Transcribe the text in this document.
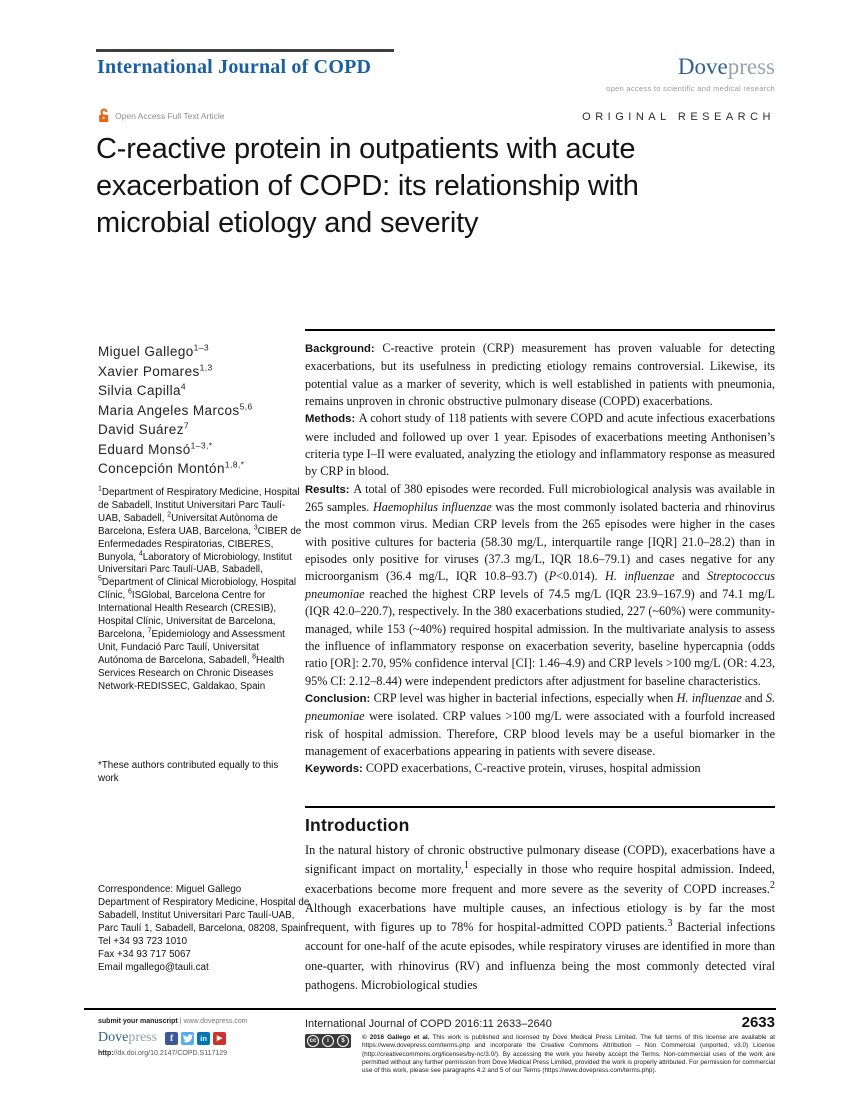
International Journal of COPD	Dovepress
open access to scientific and medical research
Open Access Full Text Article	ORIGINAL RESEARCH
C-reactive protein in outpatients with acute exacerbation of COPD: its relationship with microbial etiology and severity
Miguel Gallego$^{1-3}$
Xavier Pomares$^{1,3}$
Silvia Capilla$^4$
Maria Angeles Marcos$^{5,6}$
David Suárez$^7$
Eduard Monsó$^{1-3,*}$
Concepción Montón$^{1,8,*}$
$^1$Department of Respiratory Medicine, Hospital de Sabadell, Institut Universitari Parc Taulí-UAB, Sabadell, $^2$Universitat Autònoma de Barcelona, Esfera UAB, Barcelona, $^3$CIBER de Enfermedades Respiratorias, CIBERES, Bunyola, $^4$Laboratory of Microbiology, Institut Universitari Parc Taulí-UAB, Sabadell, $^5$Department of Clinical Microbiology, Hospital Clínic, $^6$ISGlobal, Barcelona Centre for International Health Research (CRESIB), Hospital Clínic, Universitat de Barcelona, Barcelona, $^7$Epidemiology and Assessment Unit, Fundació Parc Taulí, Universitat Autónoma de Barcelona, Sabadell, $^8$Health Services Research on Chronic Diseases Network-REDISSEC, Galdakao, Spain
*These authors contributed equally to this work
Correspondence: Miguel Gallego
Department of Respiratory Medicine, Hospital de Sabadell, Institut Universitari Parc Taulí-UAB, Parc Taulí 1, Sabadell, Barcelona, 08208, Spain
Tel +34 93 723 1010
Fax +34 93 717 5067
Email mgallego@tauli.cat

Background: C-reactive protein (CRP) measurement has proven valuable for detecting exacerbations, but its usefulness in predicting etiology remains controversial. Likewise, its potential value as a marker of severity, which is well established in patients with pneumonia, remains unproven in chronic obstructive pulmonary disease (COPD) exacerbations.

Methods: A cohort study of 118 patients with severe COPD and acute infectious exacerbations were included and followed up over 1 year. Episodes of exacerbations meeting Anthonisen’s criteria type I–II were evaluated, analyzing the etiology and inflammatory response as measured by CRP in blood.

Results: A total of 380 episodes were recorded. Full microbiological analysis was available in 265 samples. Haemophilus influenzae was the most commonly isolated bacteria and rhinovirus the most common virus. Median CRP levels from the 265 episodes were higher in the cases with positive cultures for bacteria (58.30 mg/L, interquartile range [IQR] 21.0–28.2) than in episodes only positive for viruses (37.3 mg/L, IQR 18.6–79.1) and cases negative for any microorganism (36.4 mg/L, IQR 10.8–93.7) (P<0.014). H. influenzae and Streptococcus pneumoniae reached the highest CRP levels of 74.5 mg/L (IQR 23.9–167.9) and 74.1 mg/L (IQR 42.0–220.7), respectively. In the 380 exacerbations studied, 227 (~60%) were community-managed, while 153 (~40%) required hospital admission. In the multivariate analysis to assess the influence of inflammatory response on exacerbation severity, baseline hypercapnia (odds ratio [OR]: 2.70, 95% confidence interval [CI]: 1.46–4.9) and CRP levels >100 mg/L (OR: 4.23, 95% CI: 2.12–8.44) were independent predictors after adjustment for baseline characteristics.

Conclusion: CRP level was higher in bacterial infections, especially when H. influenzae and S. pneumoniae were isolated. CRP values >100 mg/L were associated with a fourfold increased risk of hospital admission. Therefore, CRP blood levels may be a useful biomarker in the management of exacerbations appearing in patients with severe disease.

Keywords: COPD exacerbations, C-reactive protein, viruses, hospital admission

Introduction
In the natural history of chronic obstructive pulmonary disease (COPD), exacerbations have a significant impact on mortality,$^1$ especially in those who require hospital admission. Indeed, exacerbations become more frequent and more severe as the severity of COPD increases.$^2$ Although exacerbations have multiple causes, an infectious etiology is by far the most frequent, with figures up to 78% for hospital-admitted COPD patients.$^3$ Bacterial infections account for one-half of the acute episodes, while respiratory viruses are identified in more than one-quarter, with rhinovirus (RV) and influenza being the most commonly detected viral pathogens. Microbiological studies
submit your manuscript | www.dovepress.com
Dovepress	f	in	▶
http://dx.doi.org/10.2147/COPD.S117129
International Journal of COPD 2016:11 2633–2640	2633
cc	i	$	© 2016 Gallego et al. This work is published and licensed by Dove Medical Press Limited. The full terms of this license are available at https://www.dovepress.com/terms.php and incorporate the Creative Commons Attribution – Non Commercial (unported, v3.0) License (http://creativecommons.org/licenses/by-nc/3.0/). By accessing the work you hereby accept the Terms. Non-commercial uses of the work are permitted without any further permission from Dove Medical Press Limited, provided the work is properly attributed. For permission for commercial use of this work, please see paragraphs 4.2 and 5 of our Terms (https://www.dovepress.com/terms.php).
